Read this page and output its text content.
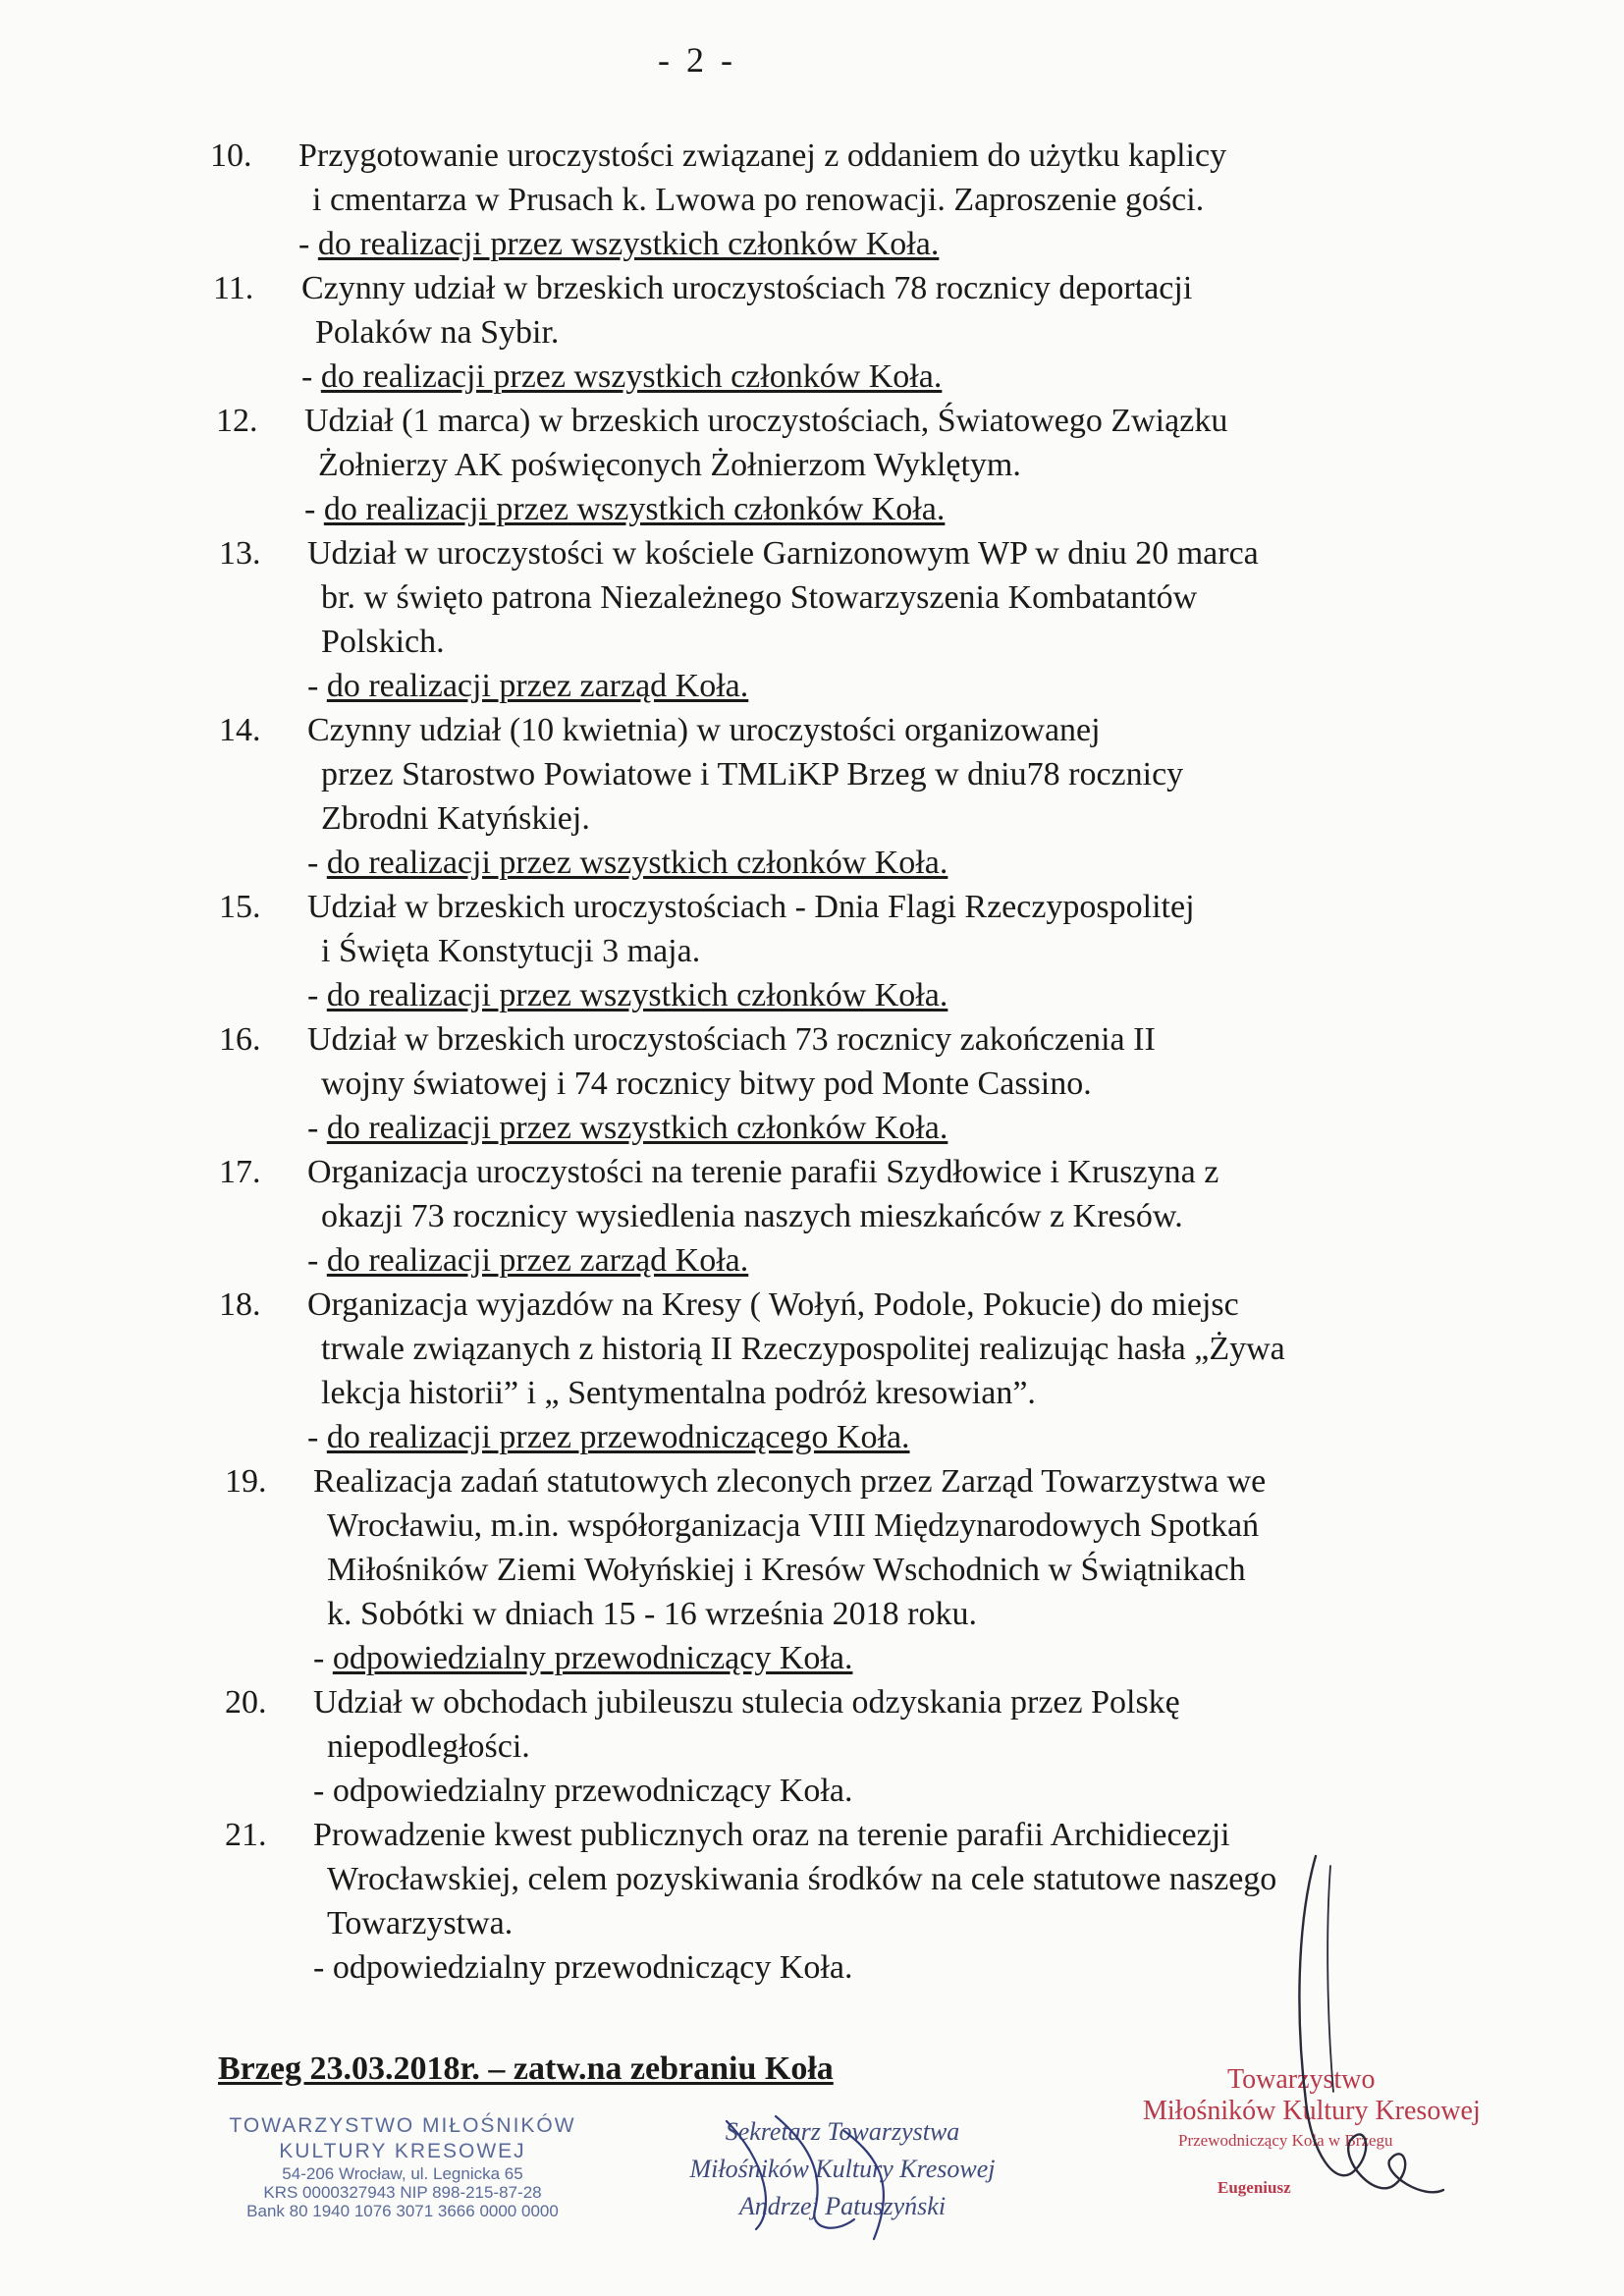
- 2 -
10. Przygotowanie uroczystości związanej z oddaniem do użytku kaplicy
i cmentarza w Prusach k. Lwowa po renowacji. Zaproszenie gości.
- do realizacji przez wszystkich członków Koła.
11. Czynny udział w brzeskich uroczystościach 78 rocznicy deportacji
Polaków na Sybir.
- do realizacji przez wszystkich członków Koła.
12. Udział (1 marca) w brzeskich uroczystościach, Światowego Związku
Żołnierzy AK poświęconych Żołnierzom Wyklętym.
- do realizacji przez wszystkich członków Koła.
13. Udział w uroczystości w kościele Garnizonowym WP w dniu 20 marca
br. w święto patrona Niezależnego Stowarzyszenia Kombatantów
Polskich.
- do realizacji przez zarząd Koła.
14. Czynny udział (10 kwietnia) w uroczystości organizowanej
przez Starostwo Powiatowe i TMLiKP Brzeg w dniu78 rocznicy
Zbrodni Katyńskiej.
- do realizacji przez wszystkich członków Koła.
15. Udział w brzeskich uroczystościach - Dnia Flagi Rzeczypospolitej
i Święta Konstytucji 3 maja.
- do realizacji przez wszystkich członków Koła.
16. Udział w brzeskich uroczystościach 73 rocznicy zakończenia II
wojny światowej i 74 rocznicy bitwy pod Monte Cassino.
- do realizacji przez wszystkich członków Koła.
17. Organizacja uroczystości na terenie parafii Szydłowice i Kruszyna z
okazji 73 rocznicy wysiedlenia naszych mieszkańców z Kresów.
- do realizacji przez zarząd Koła.
18. Organizacja wyjazdów na Kresy ( Wołyń, Podole, Pokucie) do miejsc
trwale związanych z historią II Rzeczypospolitej realizując hasła „Żywa
lekcja historii” i „ Sentymentalna podróż kresowian”.
- do realizacji przez przewodniczącego Koła.
19. Realizacja zadań statutowych zleconych przez Zarząd Towarzystwa we
Wrocławiu, m.in. współorganizacja VIII Międzynarodowych Spotkań
Miłośników Ziemi Wołyńskiej i Kresów Wschodnich w Świątnikach
k. Sobótki w dniach 15 - 16 września 2018 roku.
- odpowiedzialny przewodniczący Koła.
20. Udział w obchodach jubileuszu stulecia odzyskania przez Polskę
niepodległości.
- odpowiedzialny przewodniczący Koła.
21. Prowadzenie kwest publicznych oraz na terenie parafii Archidiecezji
Wrocławskiej, celem pozyskiwania środków na cele statutowe naszego
Towarzystwa.
- odpowiedzialny przewodniczący Koła.
Brzeg 23.03.2018r. – zatw.na zebraniu Koła
TOWARZYSTWO MIŁOŚNIKÓW
KULTURY KRESOWEJ
54-206 Wrocław, ul. Legnicka 65
KRS 0000327943 NIP 898-215-87-28
Bank 80 1940 1076 3071 3666 0000 0000
Sekretarz Towarzystwa
Miłośników Kultury Kresowej
Andrzej Patuszyński
Towarzystwo
Miłośników Kultury Kresowej
Przewodniczący Koła w Brzegu
Eugeniusz
